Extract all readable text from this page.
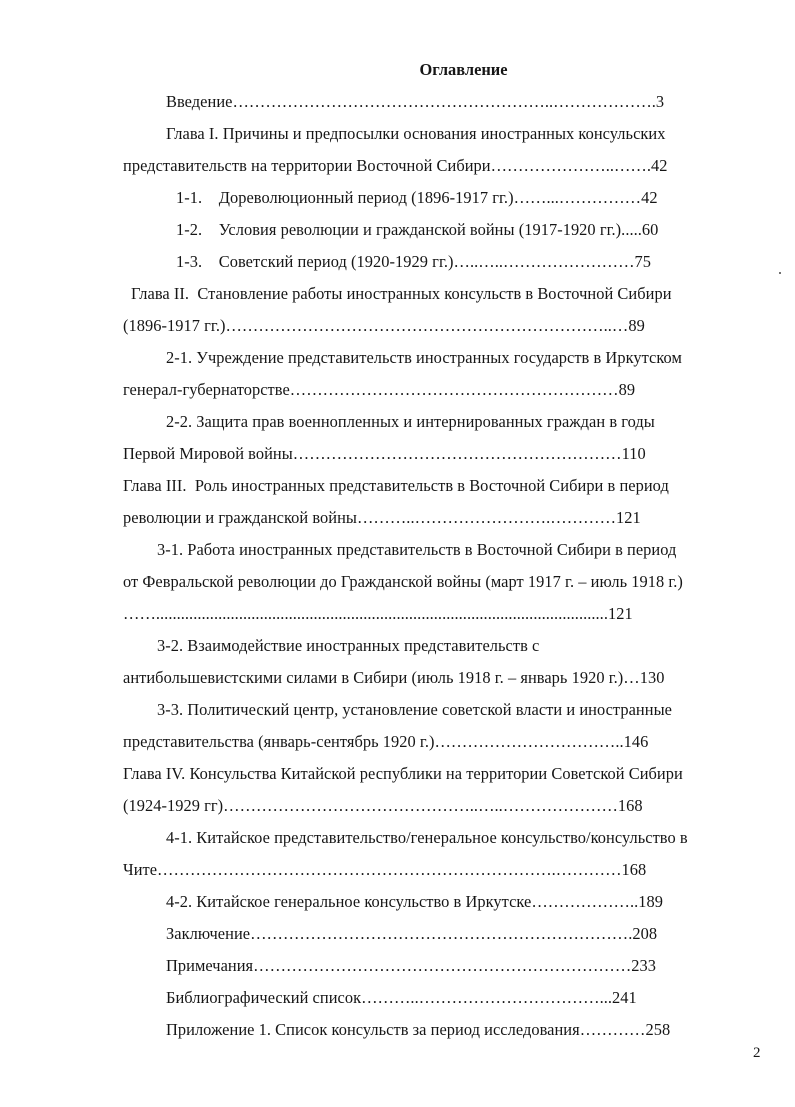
Оглавление
Введение…………………………………………………..……………….3
Глава I. Причины и предпосылки основания иностранных консульских
представительств на территории Восточной Сибири…………………..…….42
1-1.    Дореволюционный период (1896-1917 гг.)……...……………42
1-2.    Условия революции и гражданской войны (1917-1920 гг.).....60
1-3.    Советский период (1920-1929 гг.)…..…..……………………75
Глава II.  Становление работы иностранных консульств в Восточной Сибири
(1896-1917 гг.)……………………………………………………………..…89
2-1. Учреждение представительств иностранных государств в Иркутском
генерал-губернаторстве……………………………………………………89
2-2. Защита прав военнопленных и интернированных граждан в годы
Первой Мировой войны……………………………………………………110
Глава III.  Роль иностранных представительств в Восточной Сибири в период
революции и гражданской войны………..…………………….…………121
3-1. Работа иностранных представительств в Восточной Сибири в период
от Февральской революции до Гражданской войны (март 1917 г. – июль 1918 г.)
…….............................................................................................................121
3-2. Взаимодействие иностранных представительств с
антибольшевистскими силами в Сибири (июль 1918 г. – январь 1920 г.)…130
3-3. Политический центр, установление советской власти и иностранные
представительства (январь-сентябрь 1920 г.)……………………………..146
Глава IV. Консульства Китайской республики на территории Советской Сибири
(1924-1929 гг)………………………………………..…..…………………168
4-1. Китайское представительство/генеральное консульство/консульство в
Чите……………………………………………………………….…………168
4-2. Китайское генеральное консульство в Иркутске………………..189
Заключение…………………………………………………………….208
Примечания……………………………………………………………233
Библиографический список………..……………………………...241
Приложение 1. Список консульств за период исследования…………258
2
